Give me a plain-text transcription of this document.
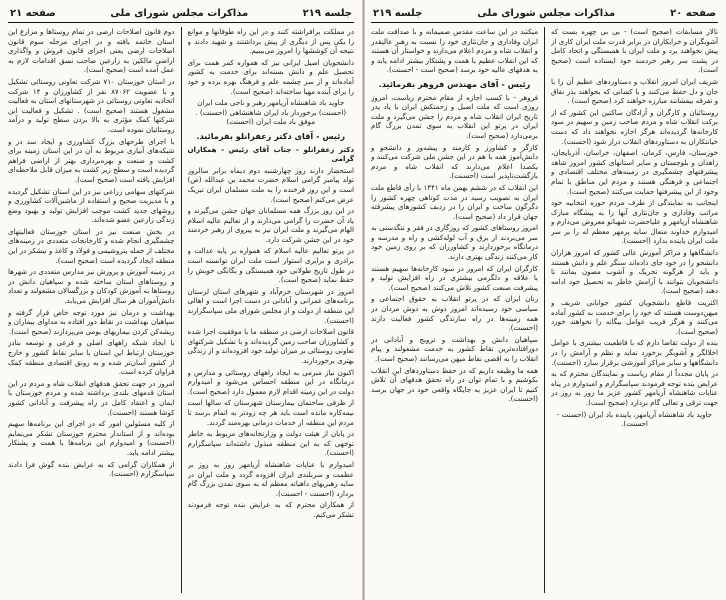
جلسه ۲۱۹
مذاکرات مجلس شورای ملی
صفحه ۲۱

در مملکت برافراشته کنند و در این راه طوفانها و موانع را یکی پس از دیگری از پیش برداشتند و شهید دادند و نتیجه آن کوششها را امروز می‌بینیم.

دانشجویان اصیل ایرانی نیز که همواره کمر همت برای تحصیل علم و دانش بسته‌اند برای خدمت به کشور آماده‌اند و از سر چشمه علم و فرهنگ بهره برده و خود را برای آینده مهیا ساخته‌اند (صحیح است).

جاوید باد شاهنشاه آریامهر رهبر و ناجی ملت ایران (احسنت) برخوردار باد ایران شاهنشاهی (احسنت) . موفق باد ملت ایران (احسنت)

رئیس - آقای دکتر زعفرانلو بفرمائید.

دکتر زعفرانلو - جناب آقای رئیس - همکاران گرامی

استحضار دارند روز چهارشنبه دوم دیماه برابر سالروز تولد پیامبر گرامی اسلام حضرت محمد بن عبدالله (ص) است و این روز فرخنده را به ملت مسلمان ایران تبریک عرض می‌کنم (صحیح است).

در این روز بزرگ همه مسلمانان جهان جشن می‌گیرند و یاد آن حضرت را گرامی می‌دارند و از تعالیم عالیه اسلام الهام می‌گیرند و ملت ایران نیز به پیروی از رهبر خردمند خود در این جشن شرکت دارد.

در پرتو تعالیم عالیه اسلام که همواره بر پایه عدالت و برادری و برابری استوار است ملت ایران توانسته است در طول تاریخ طولانی خود همبستگی و یگانگی خویش را حفظ نماید (صحیح است).

امروز در شهرستان خرم‌آباد و شهرهای استان لرستان برنامه‌های عمرانی و آبادانی در دست اجرا است و اهالی این منطقه از دولت و از مجلس شورای ملی سپاسگزارند (احسنت).

قانون اصلاحات ارضی در منطقه ما با موفقیت اجرا شده و کشاورزان صاحب زمین گردیده‌اند و با تشکیل شرکتهای تعاونی روستائی بر میزان تولید خود افزوده‌اند و از زندگی بهتری برخوردارند.

اکنون نیاز مبرمی به ایجاد راههای روستائی و مدارس و درمانگاه در این منطقه احساس می‌شود و امیدوارم دولت در این زمینه اقدام لازم معمول دارد (صحیح است).

از طرفی ساختمان بیمارستان شهرستان که سالها است نیمه‌کاره مانده است باید هر چه زودتر به اتمام برسد تا مردم این منطقه از خدمات درمانی بهره‌مند گردند.

در پایان از هیئت دولت و وزارتخانه‌های مربوط به خاطر توجهی که به این منطقه مبذول داشته‌اند سپاسگزارم (احسنت).

امیدوارم با عنایات شاهنشاه آریامهر روز به روز بر عظمت و سربلندی ایران افزوده گردد و ملت ایران در سایه رهبریهای داهیانه معظم له به سوی تمدن بزرگ گام بردارد (احسنت - احسنت).

از همکاران محترم که به عرایض بنده توجه فرمودند تشکر می‌کنم.

دوم قانون اصلاحات ارضی در تمام روستاها و مزارع این استان خاتمه یافته و در اجرای مرحله سوم قانون اصلاحات ارضی یعنی اجرای قانون فروش و واگذاری اراضی مالکین به زارعین صاحب نسق اقدامات لازم به عمل آمده است (صحیح است).

در استان خوزستان ۷۱۰ شرکت تعاونی روستائی تشکیل و با عضویت ۸۷۰۶۲ نفر از کشاورزان و ۱۴ شرکت اتحادیه تعاونی روستائی در شهرستانهای استان به فعالیت مشغول هستند (صحیح است) . تشکیل و فعالیت این شرکتها کمک مؤثری به بالا بردن سطح تولید و درآمد روستائیان نموده است.

با اجرای طرحهای بزرگ کشاورزی و ایجاد سد دز و شبکه‌های آبیاری مربوط به آن در این استان زمینه برای کشت و صنعت و بهره‌برداری بهتر از اراضی فراهم گردیده است و سطح زیر کشت به میزان قابل ملاحظه‌ای افزایش یافته است (صحیح است).

شرکتهای سهامی زراعی نیز در این استان تشکیل گردیده و با مدیریت صحیح و استفاده از ماشین‌آلات کشاورزی و روشهای جدید کشت موجب افزایش تولید و بهبود وضع زندگی زارعین عضو شده‌اند.

در بخش صنعت نیز در استان خوزستان فعالیتهای چشمگیری انجام شده و کارخانجات متعددی در زمینه‌های مختلف از جمله پتروشیمی و فولاد و کاغذ و نیشکر در این منطقه ایجاد گردیده است (صحیح است).

در زمینه آموزش و پرورش نیز مدارس متعددی در شهرها و روستاهای استان ساخته شده و سپاهیان دانش در روستاها به آموزش کودکان و بزرگسالان مشغولند و تعداد دانش‌آموزان هر سال افزایش می‌یابد.

بهداشت و درمان نیز مورد توجه خاص قرار گرفته و سپاهیان بهداشت در نقاط دور افتاده به مداوای بیماران و ریشه‌کن کردن بیماریهای بومی می‌پردازند (صحیح است).

با ایجاد شبکه راههای اصلی و فرعی و توسعه بنادر خوزستان ارتباط این استان با سایر نقاط کشور و خارج از کشور آسان‌تر شده و به رونق اقتصادی منطقه کمک فراوان کرده است.

امروز در جهت تحقق هدفهای انقلاب شاه و مردم در این استان قدمهای بلندی برداشته شده و مردم خوزستان با ایمان و اعتقاد کامل در راه پیشرفت و آبادانی کشور کوشا هستند (احسنت).

از کلیه مسئولین امور که در اجرای این برنامه‌ها سهیم بوده‌اند و از استاندار محترم خوزستان تشکر می‌نمایم (احسنت) و امیدوارم این برنامه‌ها با همت و پشتکار بیشتر ادامه یابد.

از همکاران گرامی که به عرایض بنده گوش فرا دادند سپاسگزارم (احسنت).

صفحه ۲۰
مذاکرات مجلس شورای ملی
جلسه ۲۱۹

تالار مسابقات (صحیح است) - بی بی چهره بست که آشوبگران و خرابکاران در برابر قدرت ملت ایران کاری از پیش نخواهند برد و ملت ایران با همبستگی و اتحاد کامل در پشت سر رهبر خردمند خود ایستاده است (صحیح است).

شریف ایران امروز انقلاب و دستاوردهای عظیم آن را با جان و دل حفظ می‌کنند و با کسانی که بخواهند بذر نفاق و تفرقه بیفشانند مبارزه خواهند کرد (صحیح است) .

روستائیان و کارگران و آزادگان ساکنین این کشور که از برکت انقلاب شاه و مردم صاحب زمین و سهیم در سود کارخانه‌ها گردیده‌اند هرگز اجازه نخواهند داد که دست خیانتکاران به دستاوردهای انقلاب دراز شود (احسنت).

خوزستان، فارس، کرمان، اصفهان، خراسان، آذربایجان، زاهدان و بلوچستان و سایر استانهای کشور امروز شاهد پیشرفتهای چشمگیری در زمینه‌های مختلف اقتصادی و اجتماعی و فرهنگی هستند و مردم این مناطق با تمام وجود از این پیشرفتها حمایت می‌کنند (صحیح است).

اینجانب به نمایندگی از طرف مردم حوزه انتخابیه خود مراتب وفاداری و جان‌نثاری آنها را به پیشگاه مبارک شاهنشاه آریامهر و علیاحضرت شهبانو معروض می‌دارم و امیدوارم خداوند متعال سایه پرمهر معظم له را بر سر ملت ایران پاینده بدارد (احسنت).

دانشگاهها و مراکز آموزش عالی کشور که امروز هزاران دانشجو را در خود جای داده‌اند سنگر علم و دانش هستند و باید از هرگونه تحریک و آشوب مصون بمانند تا دانشجویان بتوانند با آرامش خاطر به تحصیل خود ادامه دهند (صحیح است).

اکثریت قاطع دانشجویان کشور جوانانی شریف و میهن‌دوست هستند که خود را برای خدمت به کشور آماده می‌کنند و هرگز فریب عوامل بیگانه را نخواهند خورد (صحیح است).

بنده از دولت تقاضا دارم که با قاطعیت بیشتری با عوامل اخلالگر و آشوبگر برخورد نماید و نظم و آرامش را در دانشگاهها و سایر مراکز آموزشی برقرار سازد (احسنت).

در پایان مجدداً از مقام ریاست و نمایندگان محترم که به عرایض بنده توجه فرمودند سپاسگزارم و امیدوارم در پناه عنایات شاهنشاه آریامهر کشور عزیز ما روز به روز در جهت ترقی و تعالی گام بردارد (صحیح است).

جاوید باد شاهنشاه آریامهر، پاینده باد ایران (احسنت - احسنت).

میکنند در این ساعت مقدس صمیمانه و با صداقت ملت ایران وفاداری و جان‌نثاری خود را نسبت به رهبر عالیقدر و انقلاب شاه و مردم اعلام می‌دارند و خواستار آن هستند که این انقلاب عظیم با همت و پشتکار بیشتر ادامه یابد و به هدفهای عالیه خود برسد (صحیح است - احسنت).

رئیس - آقای مهندس فروهر بفرمائید.

فروهر - با کسب اجازه از مقام محترم ریاست، امروز روزی است که ملت اصیل و زحمتکش ایران با یاد پدر تاریخ ایران انقلاب شاه و مردم را جشن می‌گیرد و ملت ایران در پرتو این انقلاب به سوی تمدن بزرگ گام برمی‌دارد (صحیح است).

کارگر و کشاورز و کارمند و پیشه‌ور و دانشجو و دانش‌آموز همه با هم در این جشن ملی شرکت می‌کنند و یکصدا اعلام می‌دارند که انقلاب شاه و مردم بازگشت‌ناپذیر است (احسنت).

این انقلاب که در ششم بهمن ماه ۱۳۴۱ با رأی قاطع ملت ایران به تصویب رسید در مدت کوتاهی چهره کشور را دگرگون ساخت و ایران را در ردیف کشورهای پیشرفته جهان قرار داد (صحیح است).

امروز روستاهای کشور که روزگاری در فقر و تنگدستی به سر می‌بردند از برق و آب لوله‌کشی و راه و مدرسه و درمانگاه برخوردارند و کشاورزان که بر روی زمین خود کار می‌کنند زندگی بهتری دارند.

کارگران ایران که امروز در سود کارخانه‌ها سهیم هستند با علاقه و دلگرمی بیشتری در راه افزایش تولید و پیشرفت صنعت کشور تلاش می‌کنند (صحیح است).

زنان ایران که در پرتو انقلاب به حقوق اجتماعی و سیاسی خود رسیده‌اند امروز دوش به دوش مردان در همه زمینه‌ها در راه سازندگی کشور فعالیت دارند (احسنت).

سپاهیان دانش و بهداشت و ترویج و آبادانی در دورافتاده‌ترین نقاط کشور به خدمت مشغولند و پیام انقلاب را به اقصی نقاط میهن می‌رسانند (صحیح است).

همه ما وظیفه داریم که در حفظ دستاوردهای این انقلاب بکوشیم و با تمام توان در راه تحقق هدفهای آن تلاش کنیم تا ایران عزیز به جایگاه واقعی خود در جهان برسد (احسنت).
